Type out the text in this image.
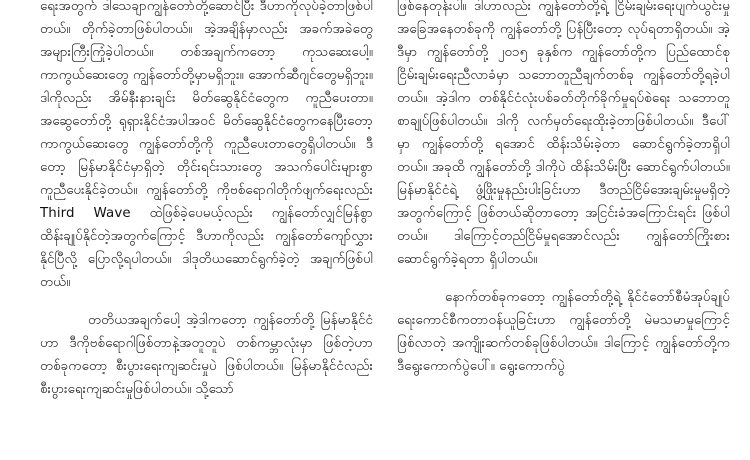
ရေးအတွက် ဒါသေချာကျွန်တော်တို့ဆောင်ပြီး ဒီဟာကိုလုပ်ခဲ့တာဖြစ်ပါတယ်။ တိုက်ခဲ့တာဖြစ်ပါတယ်။ အဲ့အချိန်မှာလည်း အခက်အခဲတွေ အများကြီးကြုံခဲ့ပါတယ်။ တစ်အချက်ကတော့ ကုသဆေးပေါ့။ ကာကွယ်ဆေးတွေ ကျွန်တော်တို့မှာမရှိဘူး။ အောက်ဆီဂျင်တွေမရှိဘူး။ ဒါကိုလည်း အိမ်နီးနားချင်း မိတ်ဆွေနိုင်ငံတွေက ကူညီပေးတာ။ အဆွေတော်တို့ ရုရှားနိုင်ငံအပါအဝင် မိတ်ဆွေနိုင်ငံတွေကနေပြီးတော့ ကာကွယ်ဆေးတွေ ကျွန်တော်တို့ကို ကူညီပေးတာတွေရှိပါတယ်။ ဒီတော့ မြန်မာနိုင်ငံမှာရှိတဲ့ တိုင်းရင်းသားတွေ အသက်ပေါင်းများစွာ ကူညီပေးနိုင်ခဲ့တယ်။ ကျွန်တော်တို့ ကိုဗစ်ရောဂါတိုက်ဖျက်ရေးလည်း Third Wave ထဲဖြစ်ခဲ့ပေမယ့်လည်း ကျွန်တော်လျှင်မြန်စွာ ထိန်းချုပ်နိုင်တဲ့အတွက်ကြောင့် ဒီဟာကိုလည်း ကျွန်တော်ကျော်လွှားနိုင်ပြီလို့ ပြောလို့ရပါတယ်။ ဒါဒုတိယဆောင်ရွက်ခဲ့တဲ့ အချက်ဖြစ်ပါတယ်။

တတိယအချက်ပေါ့ အဲ့ဒါကတော့ ကျွန်တော်တို့ မြန်မာနိုင်ငံဟာ ဒီကိုဗစ်ရောဂါဖြစ်တာနဲ့အတူတူပဲ တစ်ကမ္ဘာလုံးမှာ ဖြစ်တဲ့ဟာ တစ်ခုကတော့ စီးပွားရေးကျဆင်းမှုပဲ ဖြစ်ပါတယ်။ မြန်မာနိုင်ငံလည်း စီးပွားရေးကျဆင်းမှုဖြစ်ပါတယ်။ သို့သော်

ဖြစ်နေတုန်းပါ။ ဒါဟာလည်း ကျွန်တော်တို့ရဲ့ ငြိမ်းချမ်းရေးပျက်ယွင်းမှုအခြေအနေတစ်ခုကို ကျွန်တော်တို့ ပြန်ပြီးတော့ လုပ်ရတာရှိတယ်။ အဲ့ဒီမှာ ကျွန်တော်တို့ ၂၀၁၅ ခုနှစ်က ကျွန်တော်တို့က ပြည်ထောင်စုငြိမ်းချမ်းရေးညီလာခံမှာ သဘောတူညီချက်တစ်ခု ကျွန်တော်တို့ရခဲ့ပါတယ်။ အဲ့ဒါက တစ်နိုင်ငံလုံးပစ်ခတ်တိုက်ခိုက်မှုရပ်စဲရေး သဘောတူစာချုပ်ဖြစ်ပါတယ်။ ဒါကို လက်မှတ်ရေးထိုးခဲ့တာဖြစ်ပါတယ်။ ဒီပေါ်မှာ ကျွန်တော်တို့ ရအောင် ထိန်းသိမ်းခဲ့တာ ဆောင်ရွက်ခဲ့တာရှိပါတယ်။ အခုထိ ကျွန်တော်တို့ ဒါကိုပဲ ထိန်းသိမ်းပြီး ဆောင်ရွက်ပါတယ်။ မြန်မာနိုင်ငံရဲ့ ဖွံ့ဖြိုးမှုနည်းပါးခြင်းဟာ ဒီတည်ငြိမ်အေးချမ်းမှုမရှိတဲ့ အတွက်ကြောင့် ဖြစ်တယ်ဆိုတာတော့ အငြင်းခံအကြောင်းရင်း ဖြစ်ပါတယ်။ ဒါကြောင့်တည်ငြိမ်မှုရအောင်လည်း ကျွန်တော်ကြိုးစားဆောင်ရွက်ခဲ့ရတာ ရှိပါတယ်။

နောက်တစ်ခုကတော့ ကျွန်တော်တို့ရဲ့ နိုင်ငံတော်စီမံအုပ်ချုပ်ရေးကောင်စီကတာဝန်ယူခြင်းဟာ ကျွန်တော်တို့ မဲမသမာမှုကြောင့်ဖြစ်လာတဲ့ အကျိုးဆက်တစ်ခုဖြစ်ပါတယ်။ ဒါကြောင့် ကျွန်တော်တို့က ဒီရွေးကောက်ပွဲပေါ်။ ရွေးကောက်ပွဲ
